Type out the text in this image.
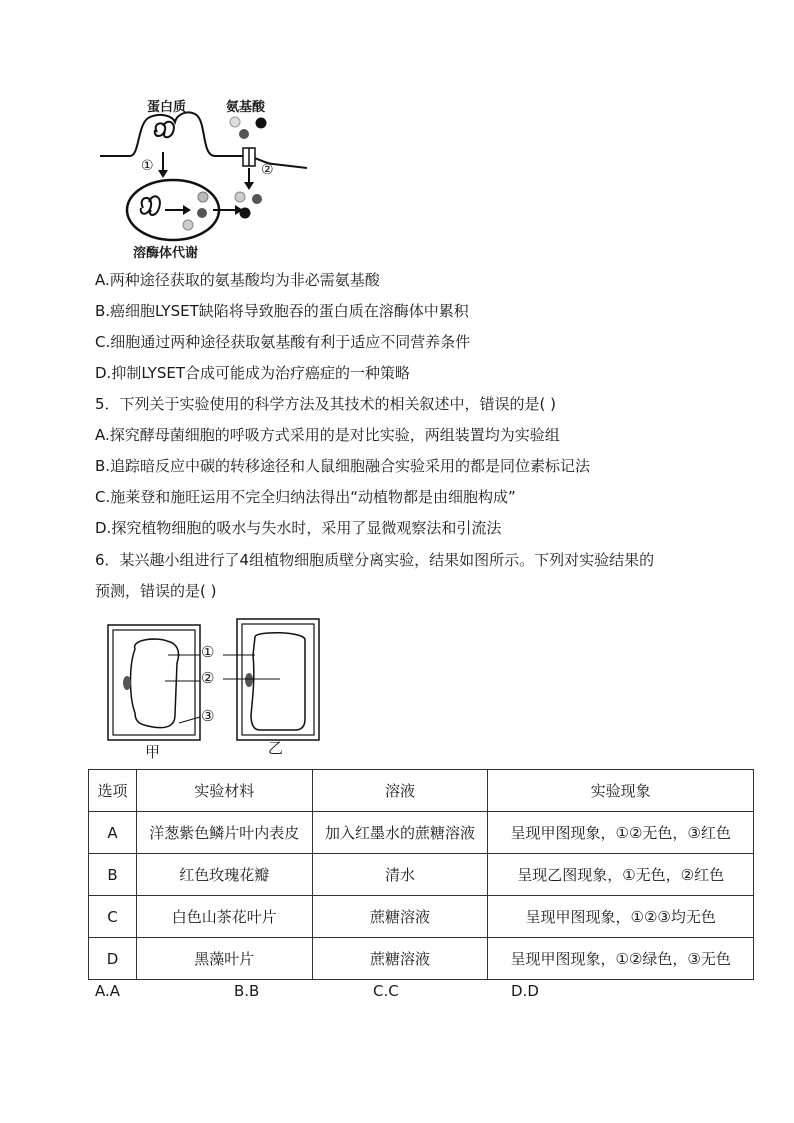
蛋白质	氨基酸
①	②
溶酶体代谢
A.两种途径获取的氨基酸均为非必需氨基酸
B.癌细胞LYSET缺陷将导致胞吞的蛋白质在溶酶体中累积
C.细胞通过两种途径获取氨基酸有利于适应不同营养条件
D.抑制LYSET合成可能成为治疗癌症的一种策略
5．下列关于实验使用的科学方法及其技术的相关叙述中，错误的是( )
A.探究酵母菌细胞的呼吸方式采用的是对比实验，两组装置均为实验组
B.追踪暗反应中碳的转移途径和人鼠细胞融合实验采用的都是同位素标记法
C.施莱登和施旺运用不完全归纳法得出“动植物都是由细胞构成”
D.探究植物细胞的吸水与失水时，采用了显微观察法和引流法
6．某兴趣小组进行了4组植物细胞质壁分离实验，结果如图所示。下列对实验结果的
预测，错误的是( )
①
②
③
甲	乙
选项	实验材料	溶液	实验现象
A	洋葱紫色鳞片叶内表皮	加入红墨水的蔗糖溶液	呈现甲图现象，①②无色，③红色
B	红色玫瑰花瓣	清水	呈现乙图现象，①无色，②红色
C	白色山茶花叶片	蔗糖溶液	呈现甲图现象，①②③均无色
D	黑藻叶片	蔗糖溶液	呈现甲图现象，①②绿色，③无色
A.A	B.B	C.C	D.D
